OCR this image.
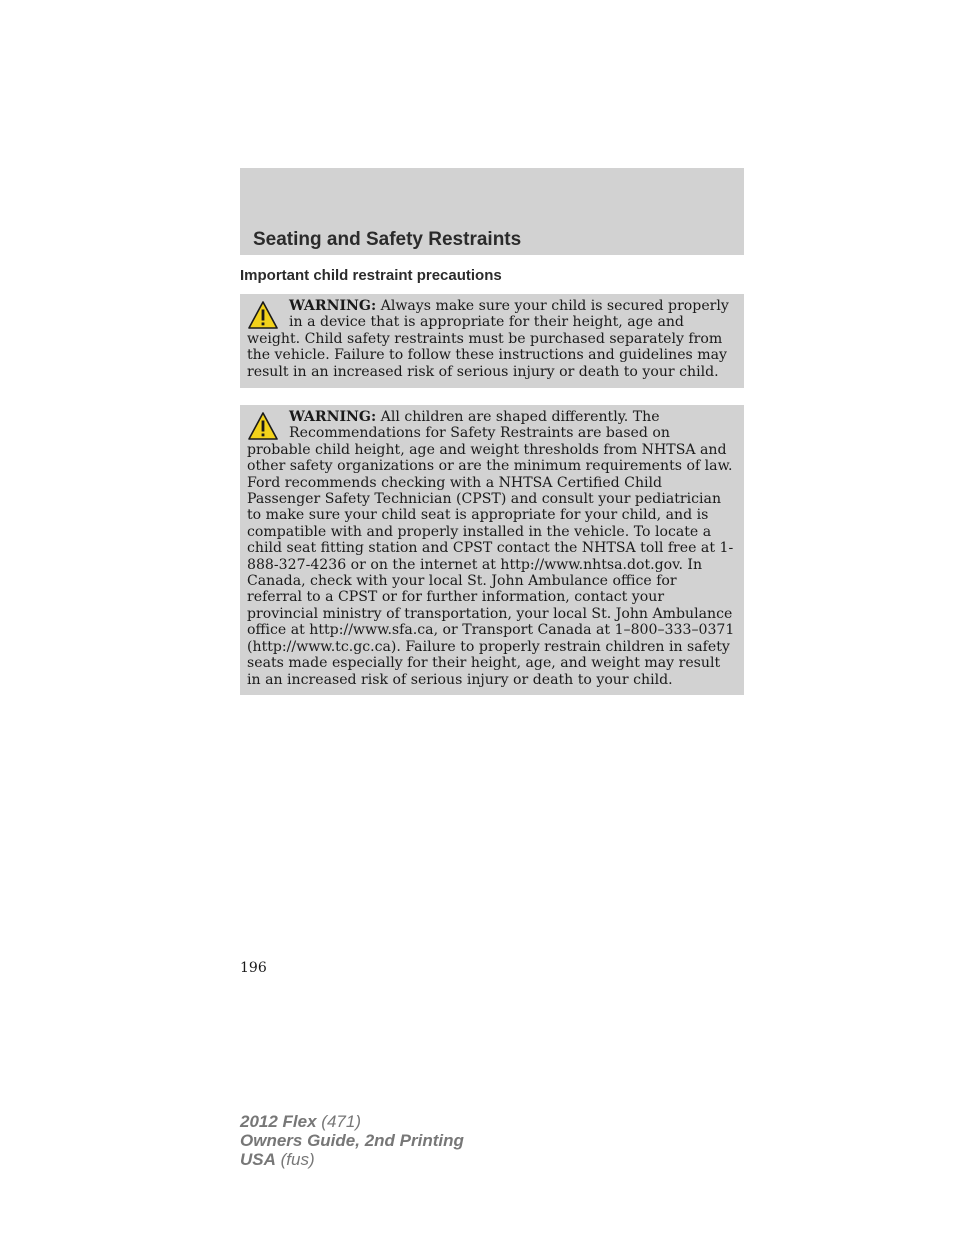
Seating and Safety Restraints
Important child restraint precautions
WARNING: Always make sure your child is secured properly in a device that is appropriate for their height, age and weight. Child safety restraints must be purchased separately from the vehicle. Failure to follow these instructions and guidelines may result in an increased risk of serious injury or death to your child.
WARNING: All children are shaped differently. The Recommendations for Safety Restraints are based on probable child height, age and weight thresholds from NHTSA and other safety organizations or are the minimum requirements of law. Ford recommends checking with a NHTSA Certified Child Passenger Safety Technician (CPST) and consult your pediatrician to make sure your child seat is appropriate for your child, and is compatible with and properly installed in the vehicle. To locate a child seat fitting station and CPST contact the NHTSA toll free at 1-888-327-4236 or on the internet at http://www.nhtsa.dot.gov. In Canada, check with your local St. John Ambulance office for referral to a CPST or for further information, contact your provincial ministry of transportation, your local St. John Ambulance office at http://www.sfa.ca, or Transport Canada at 1–800–333–0371 (http://www.tc.gc.ca). Failure to properly restrain children in safety seats made especially for their height, age, and weight may result in an increased risk of serious injury or death to your child.
196
2012 Flex (471)
Owners Guide, 2nd Printing
USA (fus)
